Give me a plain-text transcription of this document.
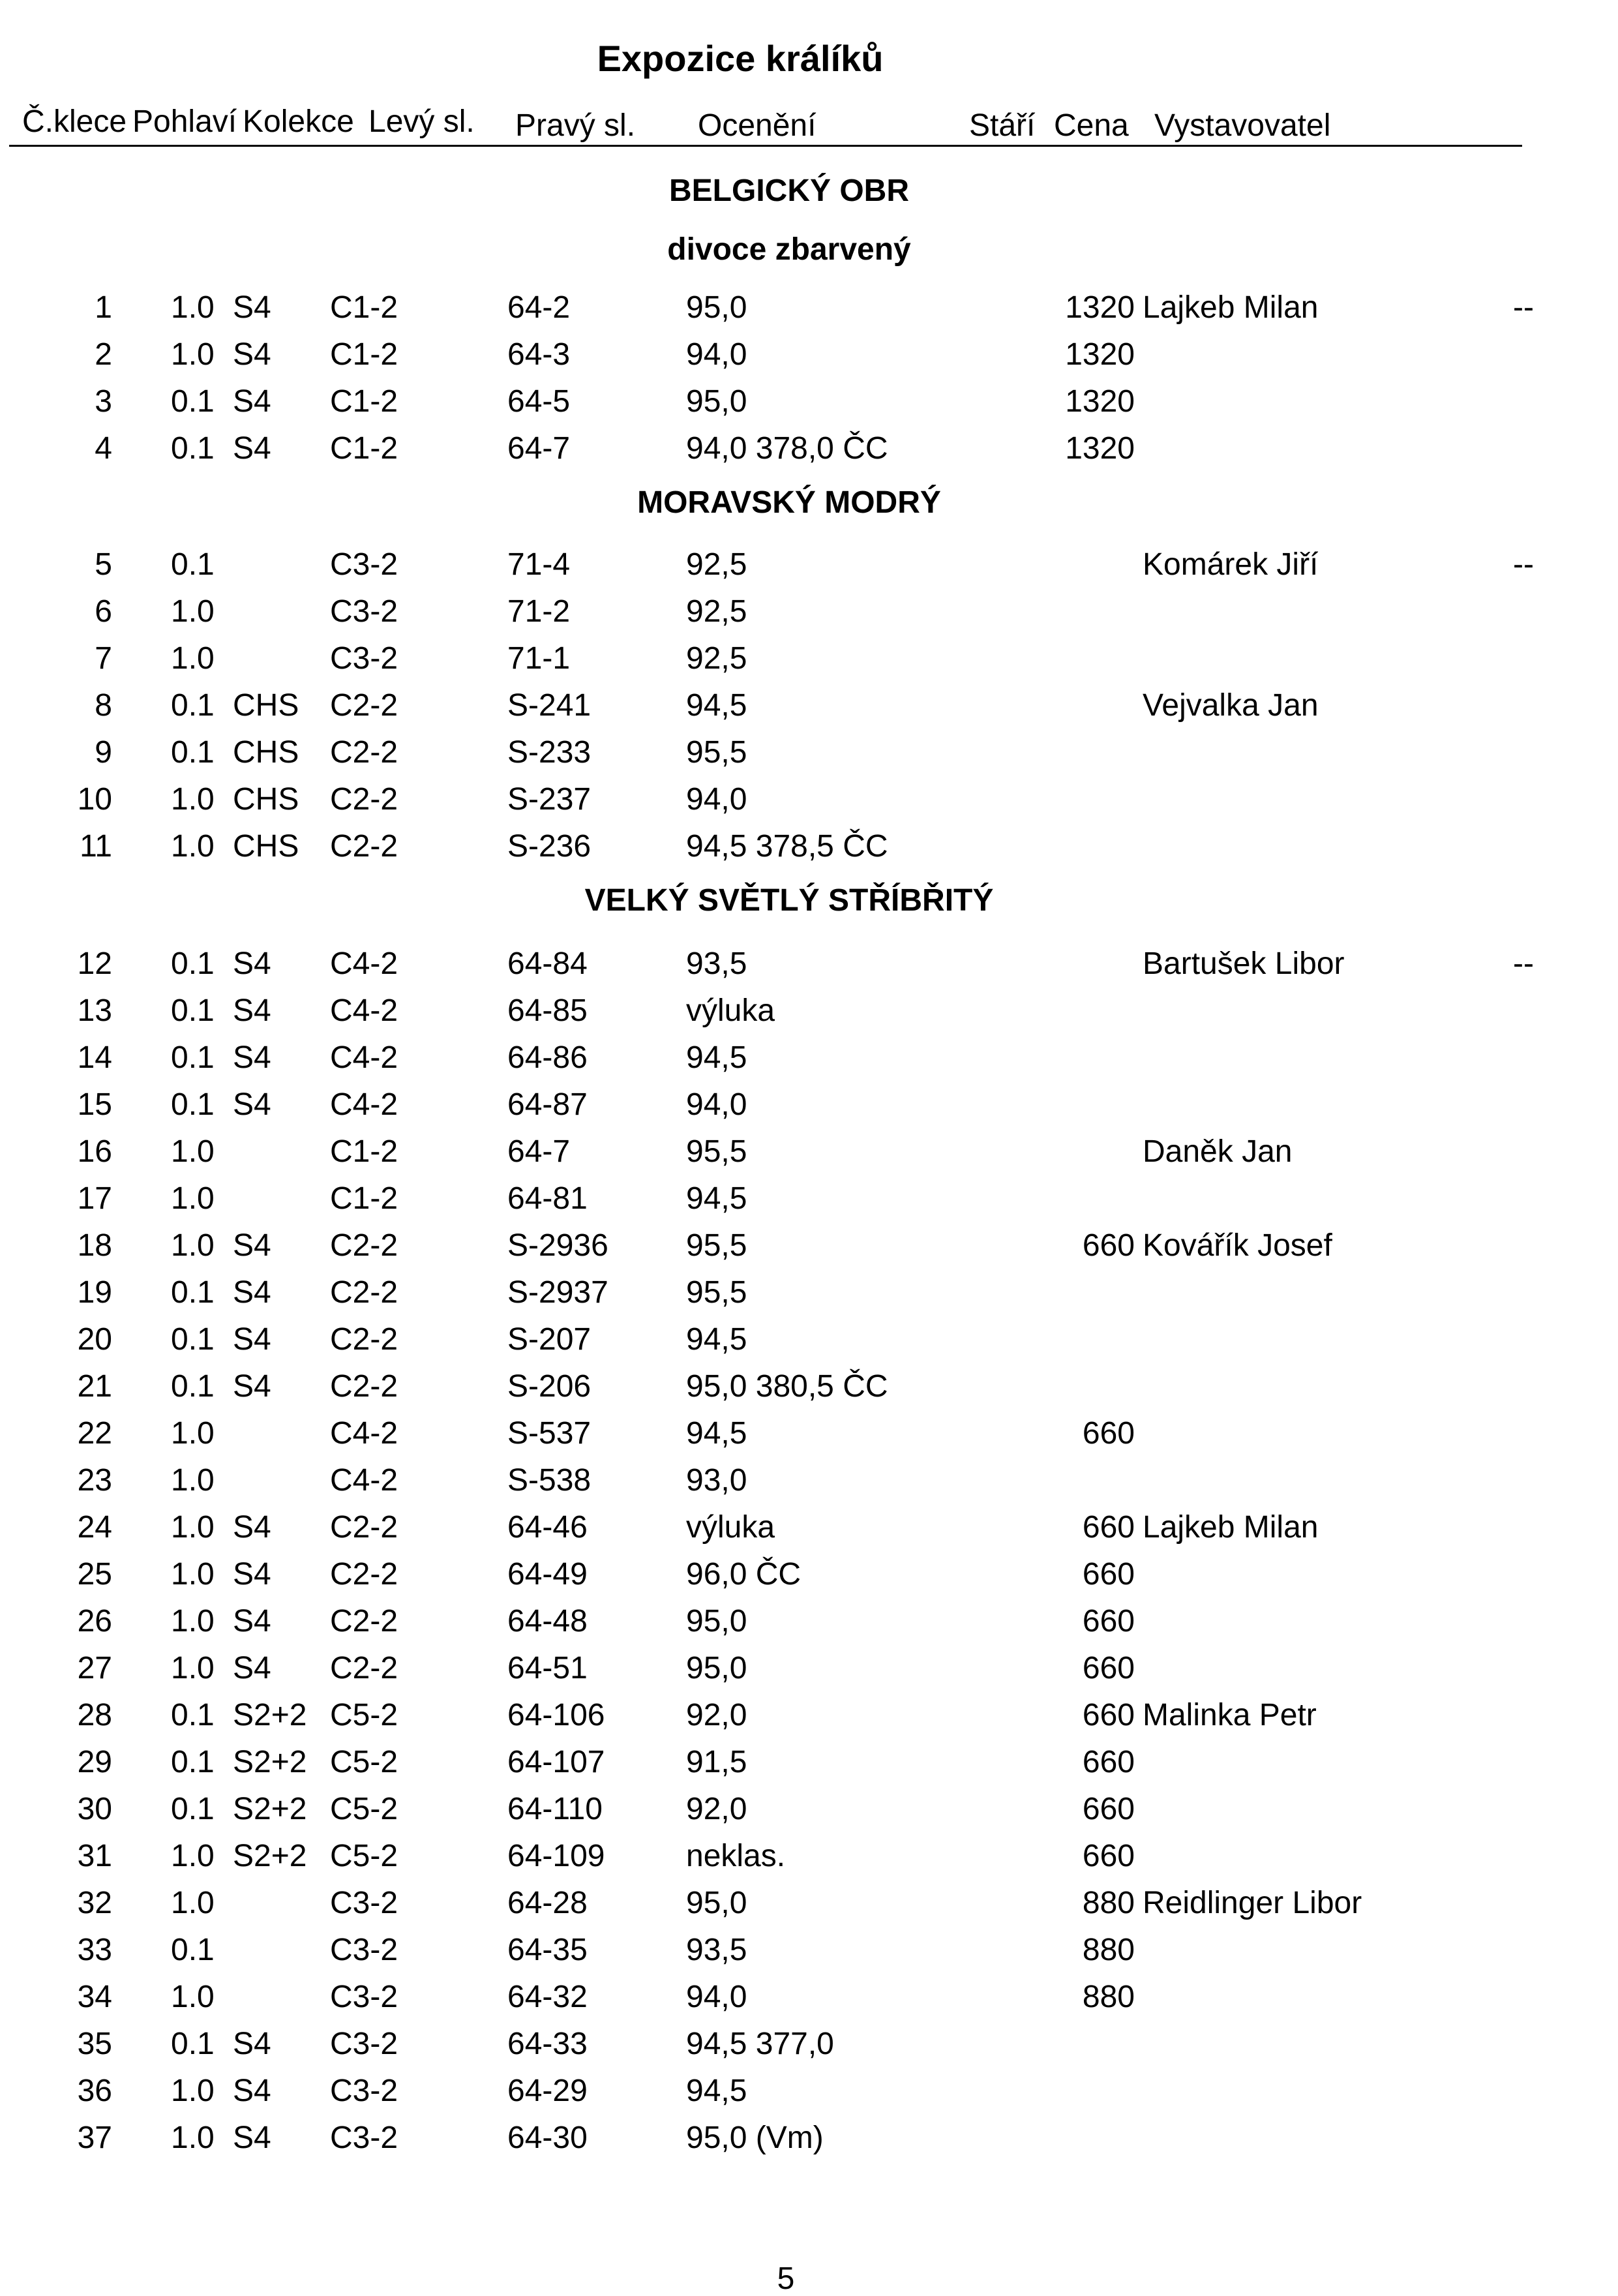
Expozice králíků
Č.klece Pohlaví Kolekce Levý sl. Pravý sl. Ocenění	Stáří Cena Vystavovatel
BELGICKÝ OBR
divoce zbarvený
1 1.0 S4 C1-2	64-2	95,0	1320 Lajkeb Milan	--
2 1.0 S4 C1-2	64-3	94,0	1320
3 0.1 S4 C1-2	64-5	95,0	1320
4 0.1 S4 C1-2	64-7	94,0 378,0 ČC	1320
MORAVSKÝ MODRÝ
5 0.1	C3-2	71-4	92,5	Komárek Jiří	--
6 1.0	C3-2	71-2	92,5
7 1.0	C3-2	71-1	92,5
8 0.1 CHS C2-2	S-241	94,5	Vejvalka Jan
9 0.1 CHS C2-2	S-233	95,5
10 1.0 CHS C2-2	S-237	94,0
11 1.0 CHS C2-2	S-236	94,5 378,5 ČC
VELKÝ SVĚTLÝ STŘÍBŘITÝ
12 0.1 S4 C4-2	64-84	93,5	Bartušek Libor	--
13 0.1 S4 C4-2	64-85	výluka
14 0.1 S4 C4-2	64-86	94,5
15 0.1 S4 C4-2	64-87	94,0
16 1.0	C1-2	64-7	95,5	Daněk Jan
17 1.0	C1-2	64-81	94,5
18 1.0 S4 C2-2	S-2936 95,5	660 Kovářík Josef
19 0.1 S4 C2-2	S-2937 95,5
20 0.1 S4 C2-2	S-207	94,5
21 0.1 S4 C2-2	S-206	95,0 380,5 ČC
22 1.0	C4-2	S-537	94,5	660
23 1.0	C4-2	S-538	93,0
24 1.0 S4 C2-2	64-46	výluka	660 Lajkeb Milan
25 1.0 S4 C2-2	64-49	96,0 ČC	660
26 1.0 S4 C2-2	64-48	95,0	660
27 1.0 S4 C2-2	64-51	95,0	660
28 0.1 S2+2 C5-2	64-106	92,0	660 Malinka Petr
29 0.1 S2+2 C5-2	64-107	91,5	660
30 0.1 S2+2 C5-2	64-110	92,0	660
31 1.0 S2+2 C5-2	64-109	neklas.	660
32 1.0	C3-2	64-28	95,0	880 Reidlinger Libor
33 0.1	C3-2	64-35	93,5	880
34 1.0	C3-2	64-32	94,0	880
35 0.1 S4 C3-2	64-33	94,5 377,0
36 1.0 S4 C3-2	64-29	94,5
37 1.0 S4 C3-2	64-30	95,0 (Vm)
5
